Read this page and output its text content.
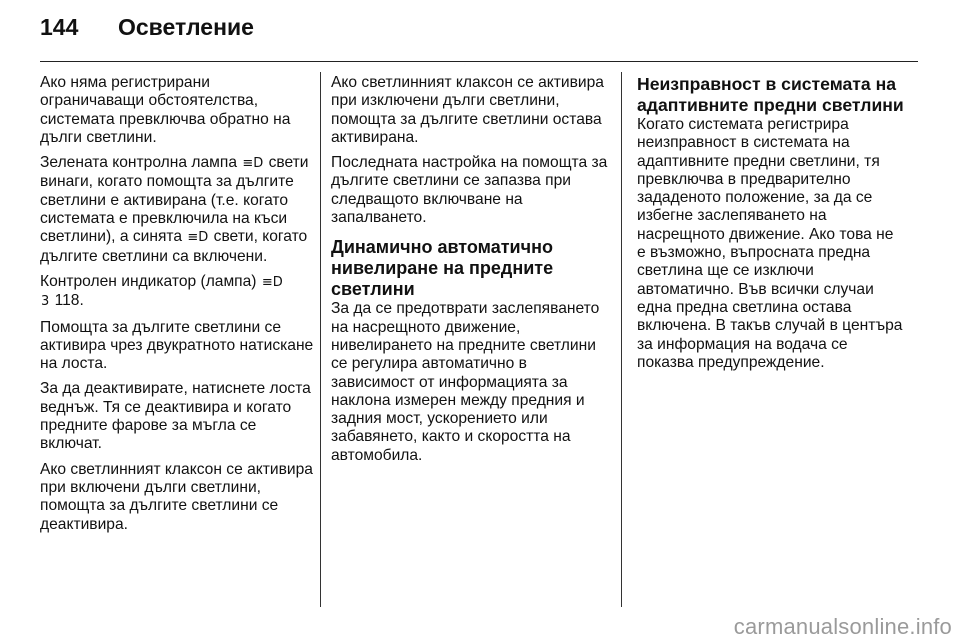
144	Осветление

Ако няма регистрирани ограничаващи обстоятелства, системата превключва обратно на дълги светлини.

Зелената контролна лампа ≡D свети винаги, когато помощта за дългите светлини е активирана (т.е. когато системата е превключила на къси светлини), а синята ≡D свети, когато дългите светлини са включени.

Контролен индикатор (лампа) ≡D
3 118.

Помощта за дългите светлини се активира чрез двукратното натискане на лоста.

За да деактивирате, натиснете лоста веднъж. Тя се деактивира и когато предните фарове за мъгла се включат.

Ако светлинният клаксон се активира при включени дълги светлини, помощта за дългите светлини се деактивира.

Ако светлинният клаксон се активира при изключени дълги светлини, помощта за дългите светлини остава активирана.

Последната настройка на помощта за дългите светлини се запазва при следващото включване на запалването.

Динамично автоматично нивелиране на предните светлини

За да се предотврати заслепяването на насрещното движение, нивелирането на предните светлини се регулира автоматично в зависимост от информацията за наклона измерен между предния и задния мост, ускорението или забавянето, както и скоростта на автомобила.

Неизправност в системата на адаптивните предни светлини

Когато системата регистрира неизправност в системата на адаптивните предни светлини, тя превключва в предварително зададеното положение, за да се избегне заслепяването на насрещното движение. Ако това не е възможно, въпросната предна светлина ще се изключи автоматично. Във всички случаи една предна светлина остава включена. В такъв случай в центъра за информация на водача се показва предупреждение.

carmanualsonline.info
